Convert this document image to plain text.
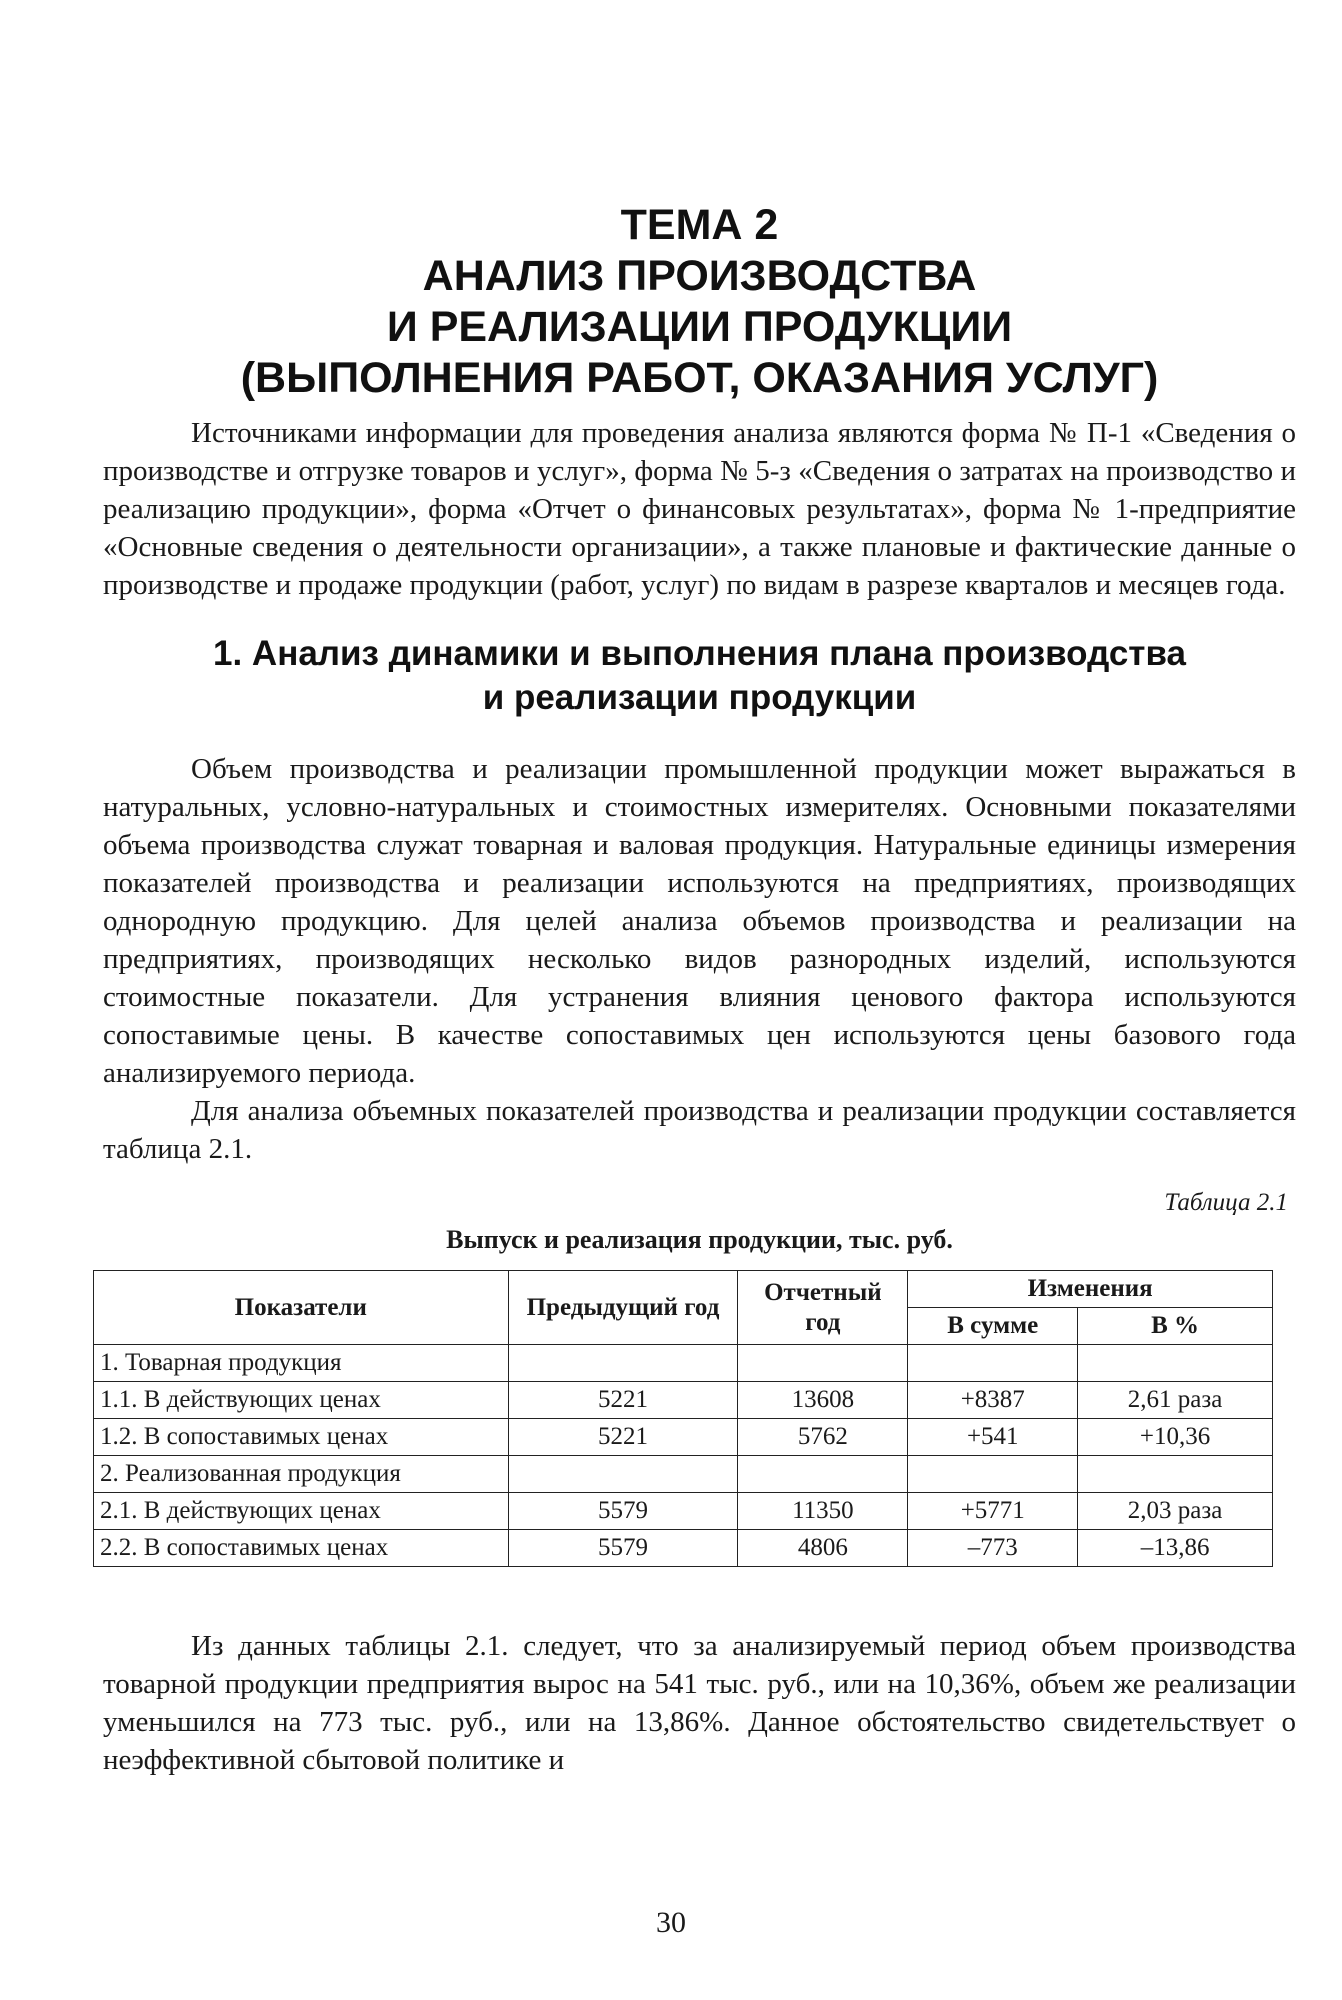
ТЕМА 2
АНАЛИЗ ПРОИЗВОДСТВА
И РЕАЛИЗАЦИИ ПРОДУКЦИИ
(ВЫПОЛНЕНИЯ РАБОТ, ОКАЗАНИЯ УСЛУГ)

Источниками информации для проведения анализа являются форма № П-1 «Сведения о производстве и отгрузке товаров и услуг», форма № 5-з «Сведения о затратах на производство и реализацию продукции», форма «Отчет о финансовых результатах», форма № 1-предприятие «Основные сведения о деятельности организации», а также плановые и фактические данные о производстве и продаже продукции (работ, услуг) по видам в разрезе кварталов и месяцев года.

1. Анализ динамики и выполнения плана производства
и реализации продукции

Объем производства и реализации промышленной продукции может выражаться в натуральных, условно-натуральных и стоимостных измерителях. Основными показателями объема производства служат товарная и валовая продукция. Натуральные единицы измерения показателей производства и реализации используются на предприятиях, производящих однородную продукцию. Для целей анализа объемов производства и реализации на предприятиях, производящих несколько видов разнородных изделий, используются стоимостные показатели. Для устранения влияния ценового фактора используются сопоставимые цены. В качестве сопоставимых цен используются цены базового года анализируемого периода.

Для анализа объемных показателей производства и реализации продукции составляется таблица 2.1.

Таблица 2.1
Выпуск и реализация продукции, тыс. руб.
Показатели	Предыдущий год	Отчетный год	Изменения	
			В сумме	В %
1. Товарная продукция				
1.1. В действующих ценах	5221	13608	+8387	2,61 раза
1.2. В сопоставимых ценах	5221	5762	+541	+10,36
2. Реализованная продукция				
2.1. В действующих ценах	5579	11350	+5771	2,03 раза
2.2. В сопоставимых ценах	5579	4806	–773	–13,86

Из данных таблицы 2.1. следует, что за анализируемый период объем производства товарной продукции предприятия вырос на 541 тыс. руб., или на 10,36%, объем же реализации уменьшился на 773 тыс. руб., или на 13,86%. Данное обстоятельство свидетельствует о неэффективной сбытовой политике и

30
